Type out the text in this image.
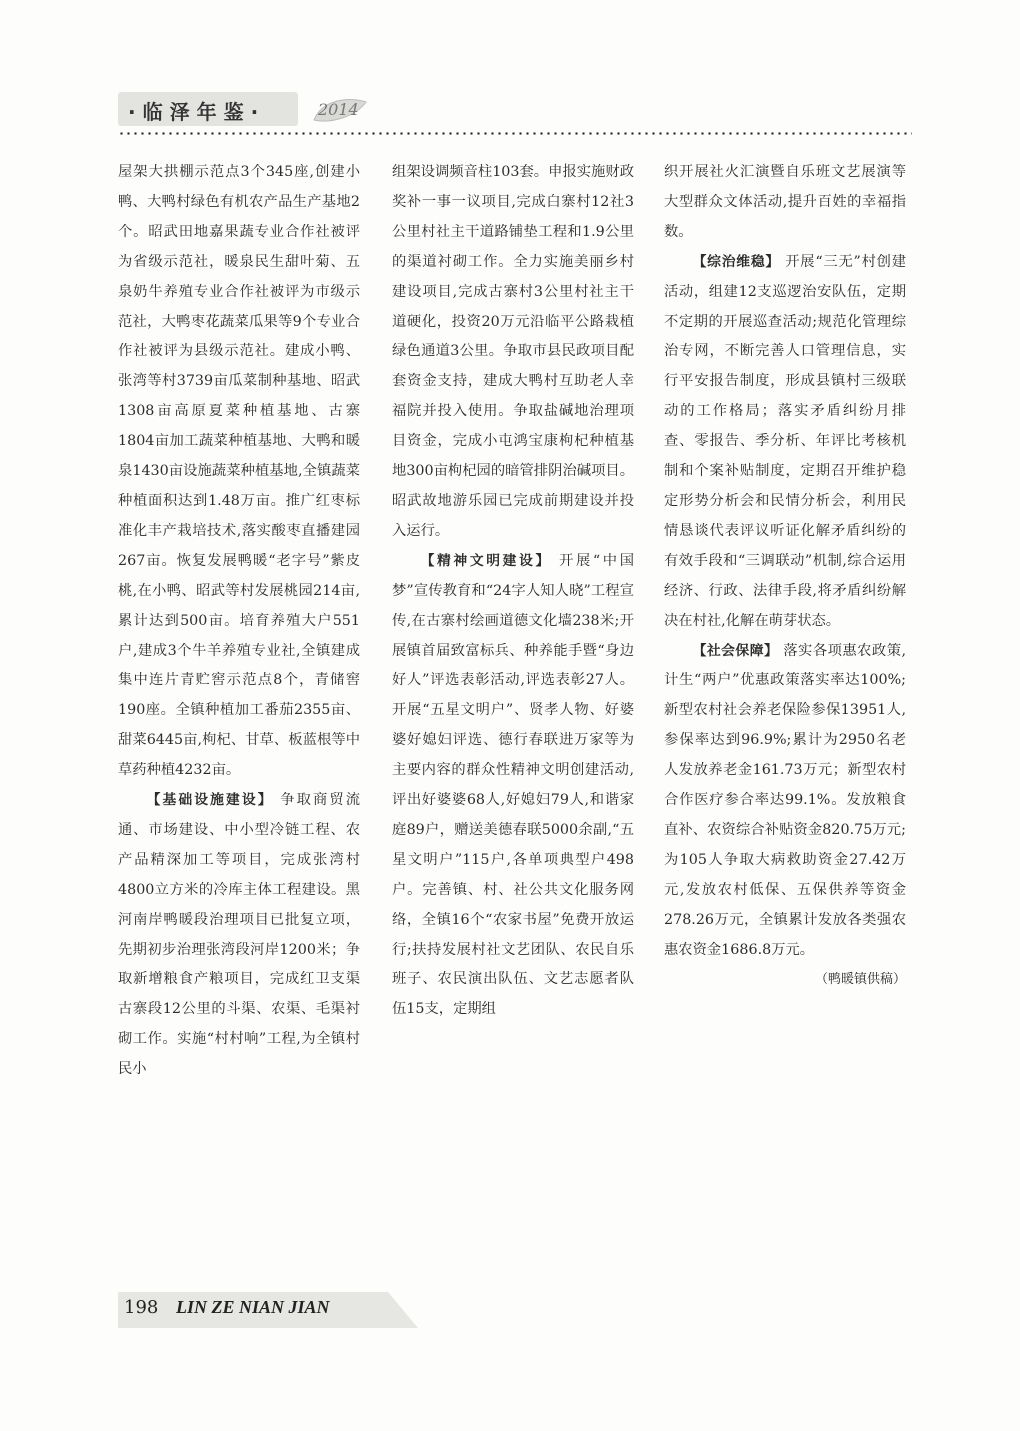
·临泽年鉴·	2014

屋架大拱棚示范点3个345座,创建小鸭、大鸭村绿色有机农产品生产基地2个。昭武田地嘉果蔬专业合作社被评为省级示范社，暖泉民生甜叶菊、五泉奶牛养殖专业合作社被评为市级示范社，大鸭枣花蔬菜瓜果等9个专业合作社被评为县级示范社。建成小鸭、张湾等村3739亩瓜菜制种基地、昭武1308亩高原夏菜种植基地、古寨1804亩加工蔬菜种植基地、大鸭和暖泉1430亩设施蔬菜种植基地,全镇蔬菜种植面积达到1.48万亩。推广红枣标准化丰产栽培技术,落实酸枣直播建园267亩。恢复发展鸭暖“老字号”紫皮桃,在小鸭、昭武等村发展桃园214亩,累计达到500亩。培育养殖大户551户,建成3个牛羊养殖专业社,全镇建成集中连片青贮窖示范点8个，青储窖190座。全镇种植加工番茄2355亩、甜菜6445亩,枸杞、甘草、板蓝根等中草药种植4232亩。

【基础设施建设】 争取商贸流通、市场建设、中小型冷链工程、农产品精深加工等项目，完成张湾村4800立方米的冷库主体工程建设。黑河南岸鸭暖段治理项目已批复立项，先期初步治理张湾段河岸1200米；争取新增粮食产粮项目，完成红卫支渠古寨段12公里的斗渠、农渠、毛渠衬砌工作。实施“村村响”工程,为全镇村民小

组架设调频音柱103套。申报实施财政奖补一事一议项目,完成白寨村12社3公里村社主干道路铺垫工程和1.9公里的渠道衬砌工作。全力实施美丽乡村建设项目,完成古寨村3公里村社主干道硬化，投资20万元沿临平公路栽植绿色通道3公里。争取市县民政项目配套资金支持，建成大鸭村互助老人幸福院并投入使用。争取盐碱地治理项目资金，完成小屯鸿宝康枸杞种植基地300亩枸杞园的暗管排阴治碱项目。昭武故地游乐园已完成前期建设并投入运行。

【精神文明建设】 开展“中国梦”宣传教育和“24字人知人晓”工程宣传,在古寨村绘画道德文化墙238米;开展镇首届致富标兵、种养能手暨“身边好人”评选表彰活动,评选表彰27人。开展“五星文明户”、贤孝人物、好婆婆好媳妇评选、德行春联进万家等为主要内容的群众性精神文明创建活动,评出好婆婆68人,好媳妇79人,和谐家庭89户，赠送美德春联5000余副,“五星文明户”115户,各单项典型户498户。完善镇、村、社公共文化服务网络，全镇16个“农家书屋”免费开放运行;扶持发展村社文艺团队、农民自乐班子、农民演出队伍、文艺志愿者队伍15支，定期组

织开展社火汇演暨自乐班文艺展演等大型群众文体活动,提升百姓的幸福指数。

【综治维稳】 开展“三无”村创建活动，组建12支巡逻治安队伍，定期不定期的开展巡查活动;规范化管理综治专网，不断完善人口管理信息，实行平安报告制度，形成县镇村三级联动的工作格局；落实矛盾纠纷月排查、零报告、季分析、年评比考核机制和个案补贴制度，定期召开维护稳定形势分析会和民情分析会，利用民情恳谈代表评议听证化解矛盾纠纷的有效手段和“三调联动”机制,综合运用经济、行政、法律手段,将矛盾纠纷解决在村社,化解在萌芽状态。

【社会保障】 落实各项惠农政策,计生“两户”优惠政策落实率达100%;新型农村社会养老保险参保13951人,参保率达到96.9%;累计为2950名老人发放养老金161.73万元；新型农村合作医疗参合率达99.1%。发放粮食直补、农资综合补贴资金820.75万元;为105人争取大病救助资金27.42万元,发放农村低保、五保供养等资金278.26万元，全镇累计发放各类强农惠农资金1686.8万元。

（鸭暖镇供稿）

198 LIN ZE NIAN JIAN
